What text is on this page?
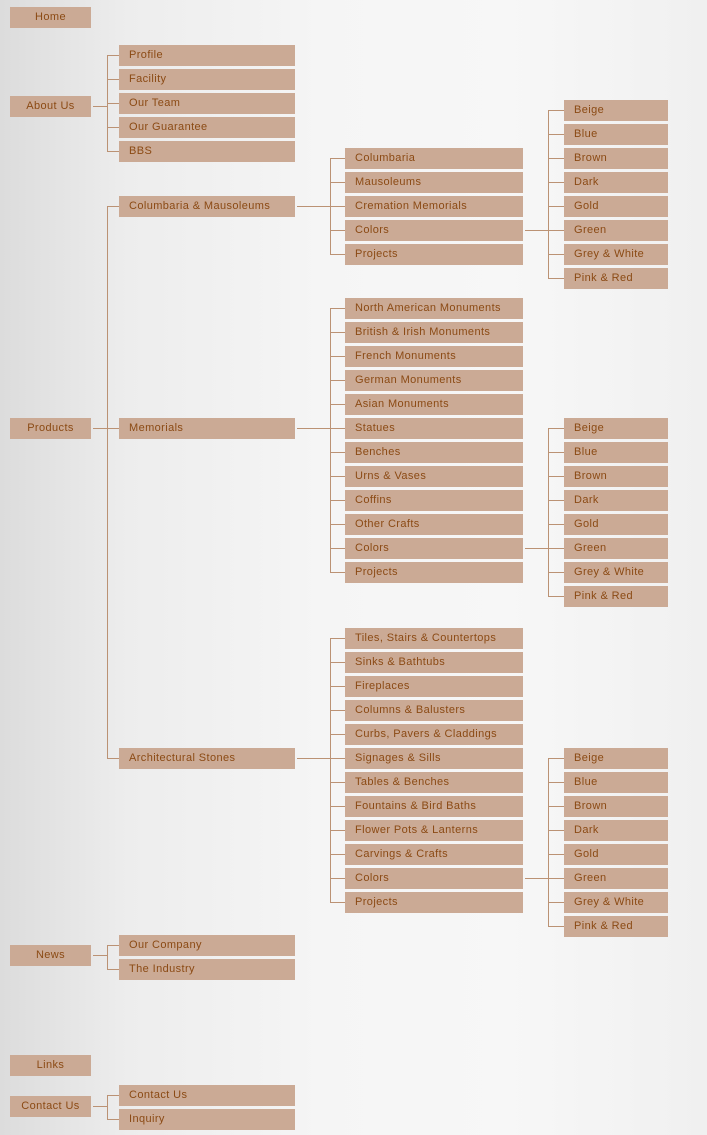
Home
About Us
Products
News
Links
Contact Us
Profile
Facility
Our Team
Our Guarantee
BBS
Columbaria & Mausoleums
Memorials
Architectural Stones
Our Company
The Industry
Contact Us
Inquiry
Columbaria
Mausoleums
Cremation Memorials
Colors
Projects
North American Monuments
British & Irish Monuments
French Monuments
German Monuments
Asian Monuments
Statues
Benches
Urns & Vases
Coffins
Other Crafts
Colors
Projects
Tiles, Stairs & Countertops
Sinks & Bathtubs
Fireplaces
Columns & Balusters
Curbs, Pavers & Claddings
Signages & Sills
Tables & Benches
Fountains & Bird Baths
Flower Pots & Lanterns
Carvings & Crafts
Colors
Projects
Beige
Blue
Brown
Dark
Gold
Green
Grey & White
Pink & Red
Beige
Blue
Brown
Dark
Gold
Green
Grey & White
Pink & Red
Beige
Blue
Brown
Dark
Gold
Green
Grey & White
Pink & Red
